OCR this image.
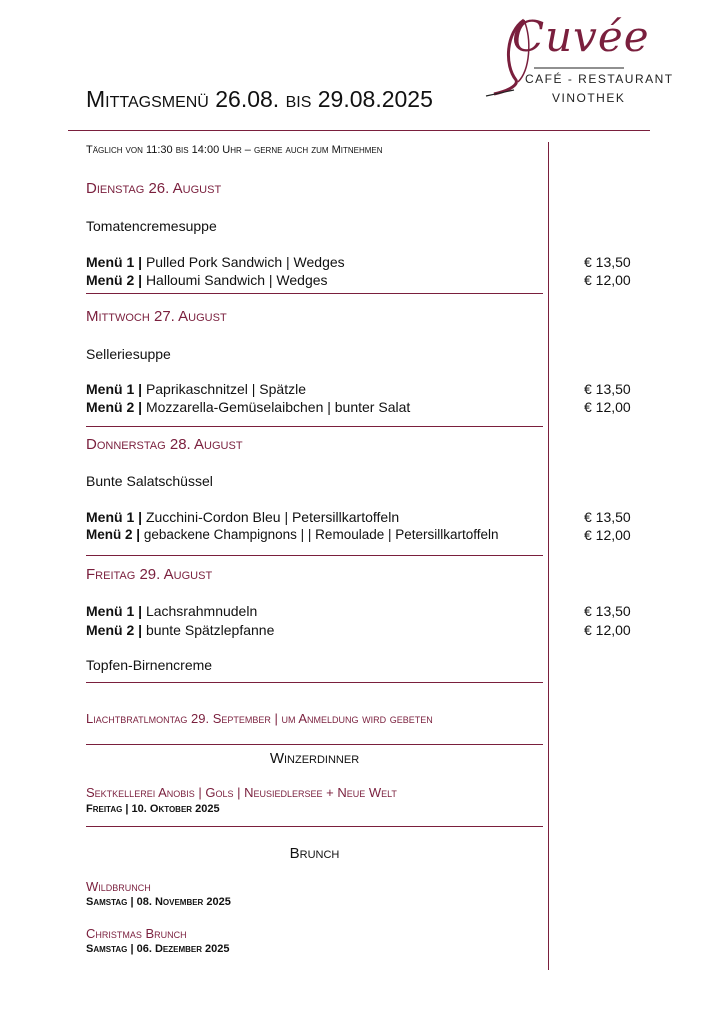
Cuvée
CAFÉ - RESTAURANT
VINOTHEK
Mittagsmenü 26.08. bis 29.08.2025
Täglich von 11:30 bis 14:00 Uhr – gerne auch zum Mitnehmen
Dienstag 26. August
Tomatencremesuppe
Menü 1 | Pulled Pork Sandwich | Wedges	€ 13,50
Menü 2 | Halloumi Sandwich | Wedges	€ 12,00
Mittwoch 27. August
Selleriesuppe
Menü 1 | Paprikaschnitzel | Spätzle	€ 13,50
Menü 2 | Mozzarella-Gemüselaibchen | bunter Salat	€ 12,00
Donnerstag 28. August
Bunte Salatschüssel
Menü 1 | Zucchini-Cordon Bleu | Petersillkartoffeln	€ 13,50
Menü 2 | gebackene Champignons | | Remoulade | Petersillkartoffeln	€ 12,00
Freitag 29. August
Menü 1 | Lachsrahmnudeln	€ 13,50
Menü 2 | bunte Spätzlepfanne	€ 12,00
Topfen-Birnencreme
Liachtbratlmontag 29. September | um Anmeldung wird gebeten
Winzerdinner
Sektkellerei Anobis | Gols | Neusiedlersee + Neue Welt
Freitag | 10. Oktober 2025
Brunch
Wildbrunch
Samstag | 08. November 2025
Christmas Brunch
Samstag | 06. Dezember 2025
